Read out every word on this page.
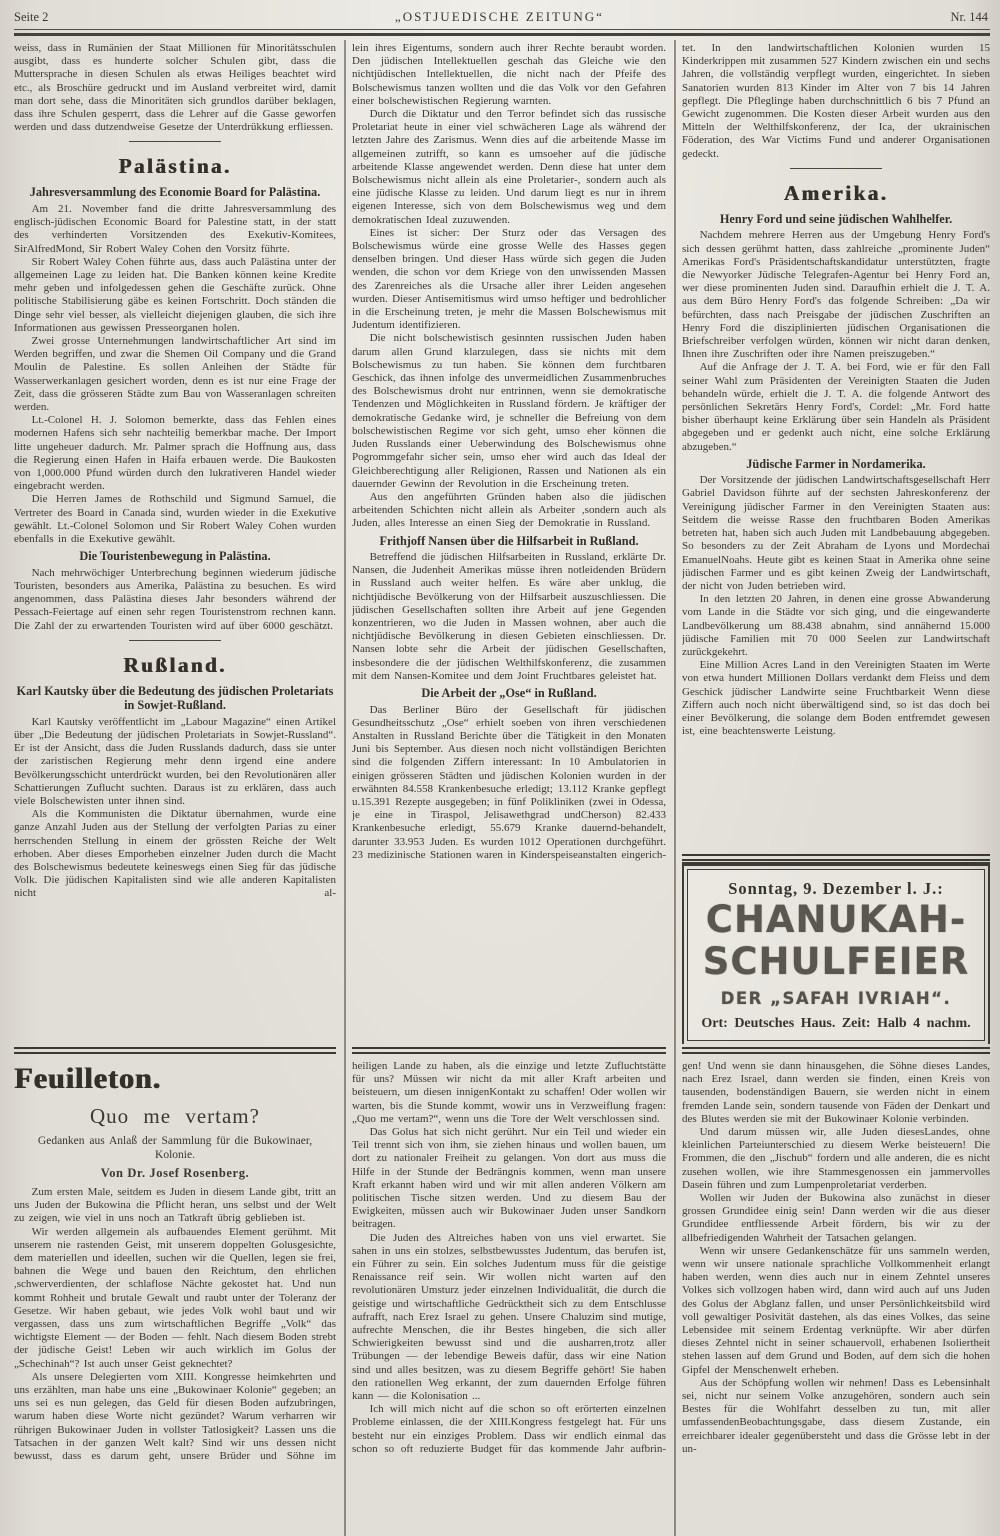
Seite 2	„OSTJUEDISCHE ZEITUNG“	Nr. 144

weiss, dass in Rumänien der Staat Millionen für Minoritätsschulen ausgibt, dass es hunderte solcher Schulen gibt, dass die Muttersprache in diesen Schulen als etwas Heiliges beachtet wird etc., als Broschüre gedruckt und im Ausland verbreitet wird, damit man dort sehe, dass die Minoritäten sich grundlos darüber beklagen, dass ihre Schulen gesperrt, dass die Lehrer auf die Gasse geworfen werden und dass dutzendweise Gesetze der Unterdrükkung erfliessen.

Palästina.
Jahresversammlung des Economie Board for Palästina.

Am 21. November fand die dritte Jahresversammlung des englisch-jüdischen Economic Board for Palestine statt, in der statt des verhinderten Vorsitzenden des Exekutiv-Komitees, SirAlfredMond, Sir Robert Waley Cohen den Vorsitz führte.

Sir Robert Waley Cohen führte aus, dass auch Palästina unter der allgemeinen Lage zu leiden hat. Die Banken können keine Kredite mehr geben und infolgedessen gehen die Geschäfte zurück. Ohne politische Stabilisierung gäbe es keinen Fortschritt. Doch ständen die Dinge sehr viel besser, als vielleicht diejenigen glauben, die sich ihre Informationen aus gewissen Presseorganen holen.

Zwei grosse Unternehmungen landwirtschaftlicher Art sind im Werden begriffen, und zwar die Shemen Oil Company und die Grand Moulin de Palestine. Es sollen Anleihen der Städte für Wasserwerkanlagen gesichert worden, denn es ist nur eine Frage der Zeit, dass die grösseren Städte zum Bau von Wasseranlagen schreiten werden.

Lt.-Colonel H. J. Solomon bemerkte, dass das Fehlen eines modernen Hafens sich sehr nachteilig bemerkbar mache. Der Import litte ungeheuer dadurch. Mr. Palmer sprach die Hoffnung aus, dass die Regierung einen Hafen in Haifa erbauen werde. Die Baukosten von 1,000.000 Pfund würden durch den lukrativeren Handel wieder eingebracht werden.

Die Herren James de Rothschild und Sigmund Samuel, die Vertreter des Board in Canada sind, wurden wieder in die Exekutive gewählt. Lt.-Colonel Solomon und Sir Robert Waley Cohen wurden ebenfalls in die Exekutive gewählt.

Die Touristenbewegung in Palästina.

Nach mehrwöchiger Unterbrechung beginnen wiederum jüdische Touristen, besonders aus Amerika, Palästina zu besuchen. Es wird angenommen, dass Palästina dieses Jahr besonders während der Pessach-Feiertage auf einen sehr regen Touristenstrom rechnen kann. Die Zahl der zu erwartenden Touristen wird auf über 6000 geschätzt.

Rußland.
Karl Kautsky über die Bedeutung des jüdischen Proletariats in Sowjet-Rußland.

Karl Kautsky veröffentlicht im „Labour Magazine“ einen Artikel über „Die Bedeutung der jüdischen Proletariats in Sowjet-Russland“. Er ist der Ansicht, dass die Juden Russlands dadurch, dass sie unter der zaristischen Regierung mehr denn irgend eine andere Bevölkerungsschicht unterdrückt wurden, bei den Revolutionären aller Schattierungen Zuflucht suchten. Daraus ist zu erklären, dass auch viele Bolschewisten unter ihnen sind.

Als die Kommunisten die Diktatur übernahmen, wurde eine ganze Anzahl Juden aus der Stellung der verfolgten Parias zu einer herrschenden Stellung in einem der grössten Reiche der Welt erhoben. Aber dieses Emporheben einzelner Juden durch die Macht des Bolschewismus bedeutete keineswegs einen Sieg für das jüdische Volk. Die jüdischen Kapitalisten sind wie alle anderen Kapitalisten nicht al-

Feuilleton.
Quo me vertam?
Gedanken aus Anlaß der Sammlung für die Bukowinaer, Kolonie.
Von Dr. Josef Rosenberg.

Zum ersten Male, seitdem es Juden in diesem Lande gibt, tritt an uns Juden der Bukowina die Pflicht heran, uns selbst und der Welt zu zeigen, wie viel in uns noch an Tatkraft übrig geblieben ist.

Wir werden allgemein als aufbauendes Element gerühmt. Mit unserem nie rastenden Geist, mit unserem doppelten Golusgesichte, dem materiellen und ideellen, suchen wir die Quellen, legen sie frei, bahnen die Wege und bauen den Reichtum, den ehrlichen ,schwerverdienten, der schlaflose Nächte gekostet hat. Und nun kommt Rohheit und brutale Gewalt und raubt unter der Toleranz der Gesetze. Wir haben gebaut, wie jedes Volk wohl baut und wir vergassen, dass uns zum wirtschaftlichen Begriffe „Volk“ das wichtigste Element — der Boden — fehlt. Nach diesem Boden strebt der jüdische Geist! Leben wir auch wirklich im Golus der „Schechinah“? Ist auch unser Geist geknechtet?

Als unsere Delegierten vom XIII. Kongresse heimkehrten und uns erzählten, man habe uns eine „Bukowinaer Kolonie“ gegeben; an uns sei es nun gelegen, das Geld für diesen Boden aufzubringen, warum haben diese Worte nicht gezündet? Warum verharren wir rührigen Bukowinaer Juden in vollster Tatlosigkeit? Lassen uns die Tatsachen in der ganzen Welt kalt? Sind wir uns dessen nicht bewusst, dass es darum geht, unsere Brüder und Söhne im

lein ihres Eigentums, sondern auch ihrer Rechte beraubt worden. Den jüdischen Intellektuellen geschah das Gleiche wie den nichtjüdischen Intellektuellen, die nicht nach der Pfeife des Bolschewismus tanzen wollten und die das Volk vor den Gefahren einer bolschewistischen Regierung warnten.

Durch die Diktatur und den Terror befindet sich das russische Proletariat heute in einer viel schwächeren Lage als während der letzten Jahre des Zarismus. Wenn dies auf die arbeitende Masse im allgemeinen zutrifft, so kann es umsoeher auf die jüdische arbeitende Klasse angewendet werden. Denn diese hat unter dem Bolschewismus nicht allein als eine Proletarier-, sondern auch als eine jüdische Klasse zu leiden. Und darum liegt es nur in ihrem eigenen Interesse, sich von dem Bolschewismus weg und dem demokratischen Ideal zuzuwenden.

Eines ist sicher: Der Sturz oder das Versagen des Bolschewismus würde eine grosse Welle des Hasses gegen denselben bringen. Und dieser Hass würde sich gegen die Juden wenden, die schon vor dem Kriege von den unwissenden Massen des Zarenreiches als die Ursache aller ihrer Leiden angesehen wurden. Dieser Antisemitismus wird umso heftiger und bedrohlicher in die Erscheinung treten, je mehr die Massen Bolschewismus mit Judentum identifizieren.

Die nicht bolschewistisch gesinnten russischen Juden haben darum allen Grund klarzulegen, dass sie nichts mit dem Bolschewismus zu tun haben. Sie können dem furchtbaren Geschick, das ihnen infolge des unvermeidlichen Zusammenbruches des Bolschewismus droht nur entrinnen, wenn sie demokratische Tendenzen und Möglichkeiten in Russland fördern. Je kräftiger der demokratische Gedanke wird, je schneller die Befreiung von dem bolschewistischen Regime vor sich geht, umso eher können die Juden Russlands einer Ueberwindung des Bolschewismus ohne Pogrommgefahr sicher sein, umso eher wird auch das Ideal der Gleichberechtigung aller Religionen, Rassen und Nationen als ein dauernder Gewinn der Revolution in die Erscheinung treten.

Aus den angeführten Gründen haben also die jüdischen arbeitenden Schichten nicht allein als Arbeiter ,sondern auch als Juden, alles Interesse an einen Sieg der Demokratie in Russland.

Frithjoff Nansen über die Hilfsarbeit in Rußland.

Betreffend die jüdischen Hilfsarbeiten in Russland, erklärte Dr. Nansen, die Judenheit Amerikas müsse ihren notleidenden Brüdern in Russland auch weiter helfen. Es wäre aber unklug, die nichtjüdische Bevölkerung von der Hilfsarbeit auszuschliessen. Die jüdischen Gesellschaften sollten ihre Arbeit auf jene Gegenden konzentrieren, wo die Juden in Massen wohnen, aber auch die nichtjüdische Bevölkerung in diesen Gebieten einschliessen. Dr. Nansen lobte sehr die Arbeit der jüdischen Gesellschaften, insbesondere die der jüdischen Welthilfskonferenz, die zusammen mit dem Nansen-Komitee und dem Joint Fruchtbares geleistet hat.

Die Arbeit der „Ose“ in Rußland.

Das Berliner Büro der Gesellschaft für jüdischen Gesundheitsschutz „Ose“ erhielt soeben von ihren verschiedenen Anstalten in Russland Berichte über die Tätigkeit in den Monaten Juni bis September. Aus diesen noch nicht vollständigen Berichten sind die folgenden Ziffern interessant: In 10 Ambulatorien in einigen grösseren Städten und jüdischen Kolonien wurden in der erwähnten 84.558 Krankenbesuche erledigt; 13.112 Kranke gepflegt u.15.391 Rezepte ausgegeben; in fünf Polikliniken (zwei in Odessa, je eine in Tiraspol, Jelisawethgrad undCherson) 82.433 Krankenbesuche erledigt, 55.679 Kranke dauernd-behandelt, darunter 33.953 Juden. Es wurden 1012 Operationen durchgeführt. 23 medizinische Stationen waren in Kinderspeiseanstalten eingerich-

heiligen Lande zu haben, als die einzige und letzte Zufluchtstätte für uns? Müssen wir nicht da mit aller Kraft arbeiten und beisteuern, um diesen innigenKontakt zu schaffen! Oder wollen wir warten, bis die Stunde kommt, wowir uns in Verzweiflung fragen: „Quo me vertam?“, wenn uns die Tore der Welt verschlossen sind.

Das Golus hat sich nicht gerührt. Nur ein Teil und wieder ein Teil trennt sich von ihm, sie ziehen hinaus und wollen bauen, um dort zu nationaler Freiheit zu gelangen. Von dort aus muss die Hilfe in der Stunde der Bedrängnis kommen, wenn man unsere Kraft erkannt haben wird und wir mit allen anderen Völkern am politischen Tische sitzen werden. Und zu diesem Bau der Ewigkeiten, müssen auch wir Bukowinaer Juden unser Sandkorn beitragen.

Die Juden des Altreiches haben von uns viel erwartet. Sie sahen in uns ein stolzes, selbstbewusstes Judentum, das berufen ist, ein Führer zu sein. Ein solches Judentum muss für die geistige Renaissance reif sein. Wir wollen nicht warten auf den revolutionären Umsturz jeder einzelnen Individualität, die durch die geistige und wirtschaftliche Gedrücktheit sich zu dem Entschlusse aufrafft, nach Erez Israel zu gehen. Unsere Chaluzim sind mutige, aufrechte Menschen, die ihr Bestes hingeben, die sich aller Schwierigkeiten bewusst sind und die ausharren,trotz aller Trübungen — der lebendige Beweis dafür, dass wir eine Nation sind und alles besitzen, was zu diesem Begriffe gehört! Sie haben den rationellen Weg erkannt, der zum dauernden Erfolge führen kann — die Kolonisation ...

Ich will mich nicht auf die schon so oft erörterten einzelnen Probleme einlassen, die der XIII.Kongress festgelegt hat. Für uns besteht nur ein einziges Problem. Dass wir endlich einmal das schon so oft reduzierte Budget für das kommende Jahr aufbrin-

tet. In den landwirtschaftlichen Kolonien wurden 15 Kinderkrippen mit zusammen 527 Kindern zwischen ein und sechs Jahren, die vollständig verpflegt wurden, eingerichtet. In sieben Sanatorien wurden 813 Kinder im Alter von 7 bis 14 Jahren gepflegt. Die Pfleglinge haben durchschnittlich 6 bis 7 Pfund an Gewicht zugenommen. Die Kosten dieser Arbeit wurden aus den Mitteln der Welthilfskonferenz, der Ica, der ukrainischen Föderation, des War Victims Fund und anderer Organisationen gedeckt.

Amerika.
Henry Ford und seine jüdischen Wahlhelfer.

Nachdem mehrere Herren aus der Umgebung Henry Ford's sich dessen gerühmt hatten, dass zahlreiche „prominente Juden“ Amerikas Ford's Präsidentschaftskandidatur unterstützten, fragte die Newyorker Jüdische Telegrafen-Agentur bei Henry Ford an, wer diese prominenten Juden sind. Daraufhin erhielt die J. T. A. aus dem Büro Henry Ford's das folgende Schreiben: „Da wir befürchten, dass nach Preisgabe der jüdischen Zuschriften an Henry Ford die disziplinierten jüdischen Organisationen die Briefschreiber verfolgen würden, können wir nicht daran denken, Ihnen ihre Zuschriften oder ihre Namen preiszugeben.“

Auf die Anfrage der J. T. A. bei Ford, wie er für den Fall seiner Wahl zum Präsidenten der Vereinigten Staaten die Juden behandeln würde, erhielt die J. T. A. die folgende Antwort des persönlichen Sekretärs Henry Ford's, Cordel: „Mr. Ford hatte bisher überhaupt keine Erklärung über sein Handeln als Präsident abgegeben und er gedenkt auch nicht, eine solche Erklärung abzugeben.“

Jüdische Farmer in Nordamerika.

Der Vorsitzende der jüdischen Landwirtschaftsgesellschaft Herr Gabriel Davidson führte auf der sechsten Jahreskonferenz der Vereinigung jüdischer Farmer in den Vereinigten Staaten aus: Seitdem die weisse Rasse den fruchtbaren Boden Amerikas betreten hat, haben sich auch Juden mit Landbebauung abgegeben. So besonders zu der Zeit Abraham de Lyons und Mordechai EmanuelNoahs. Heute gibt es keinen Staat in Amerika ohne seine jüdischen Farmer und es gibt keinen Zweig der Landwirtschaft, der nicht von Juden betrieben wird.

In den letzten 20 Jahren, in denen eine grosse Abwanderung vom Lande in die Städte vor sich ging, und die eingewanderte Landbevölkerung um 88.438 abnahm, sind annähernd 15.000 jüdische Familien mit 70 000 Seelen zur Landwirtschaft zurückgekehrt.

Eine Million Acres Land in den Vereinigten Staaten im Werte von etwa hundert Millionen Dollars verdankt dem Fleiss und dem Geschick jüdischer Landwirte seine Fruchtbarkeit Wenn diese Ziffern auch noch nicht überwältigend sind, so ist das doch bei einer Bevölkerung, die solange dem Boden entfremdet gewesen ist, eine beachtenswerte Leistung.

Sonntag, 9. Dezember l. J.:
CHANUKAH-
SCHULFEIER
DER „SAFAH IVRIAH“.
Ort: Deutsches Haus. Zeit: Halb 4 nachm.

gen! Und wenn sie dann hinausgehen, die Söhne dieses Landes, nach Erez Israel, dann werden sie finden, einen Kreis von tausenden, bodenständigen Bauern, sie werden nicht in einem fremden Lande sein, sondern tausende von Fäden der Denkart und des Blutes werden sie mit der Bukowinaer Kolonie verbinden.

Und darum müssen wir, alle Juden diesesLandes, ohne kleinlichen Parteiunterschied zu diesem Werke beisteuern! Die Frommen, die den „Jischub“ fordern und alle anderen, die es nicht zusehen wollen, wie ihre Stammesgenossen ein jammervolles Dasein führen und zum Lumpenproletariat verderben.

Wollen wir Juden der Bukowina also zunächst in dieser grossen Grundidee einig sein! Dann werden wir die aus dieser Grundidee entfliessende Arbeit fördern, bis wir zu der allbefriedigenden Wahrheit der Tatsachen gelangen.

Wenn wir unsere Gedankenschätze für uns sammeln werden, wenn wir unsere nationale sprachliche Vollkommenheit erlangt haben werden, wenn dies auch nur in einem Zehntel unseres Volkes sich vollzogen haben wird, dann wird auch auf uns Juden des Golus der Abglanz fallen, und unser Persönlichkeitsbild wird voll gewaltiger Posivität dastehen, als das eines Volkes, das seine Lebensidee mit seinem Erdentag verknüpfte. Wir aber dürfen dieses Zehntel nicht in seiner schauervoll, erhabenen Isoliertheit stehen lassen auf dem Grund und Boden, auf dem sich die hohen Gipfel der Menschenwelt erheben.

Aus der Schöpfung wollen wir nehmen! Dass es Lebensinhalt sei, nicht nur seinem Volke anzugehören, sondern auch sein Bestes für die Wohlfahrt desselben zu tun, mit aller umfassendenBeobachtungsgabe, dass diesem Zustande, ein erreichbarer idealer gegenübersteht und dass die Grösse lebt in der un-
